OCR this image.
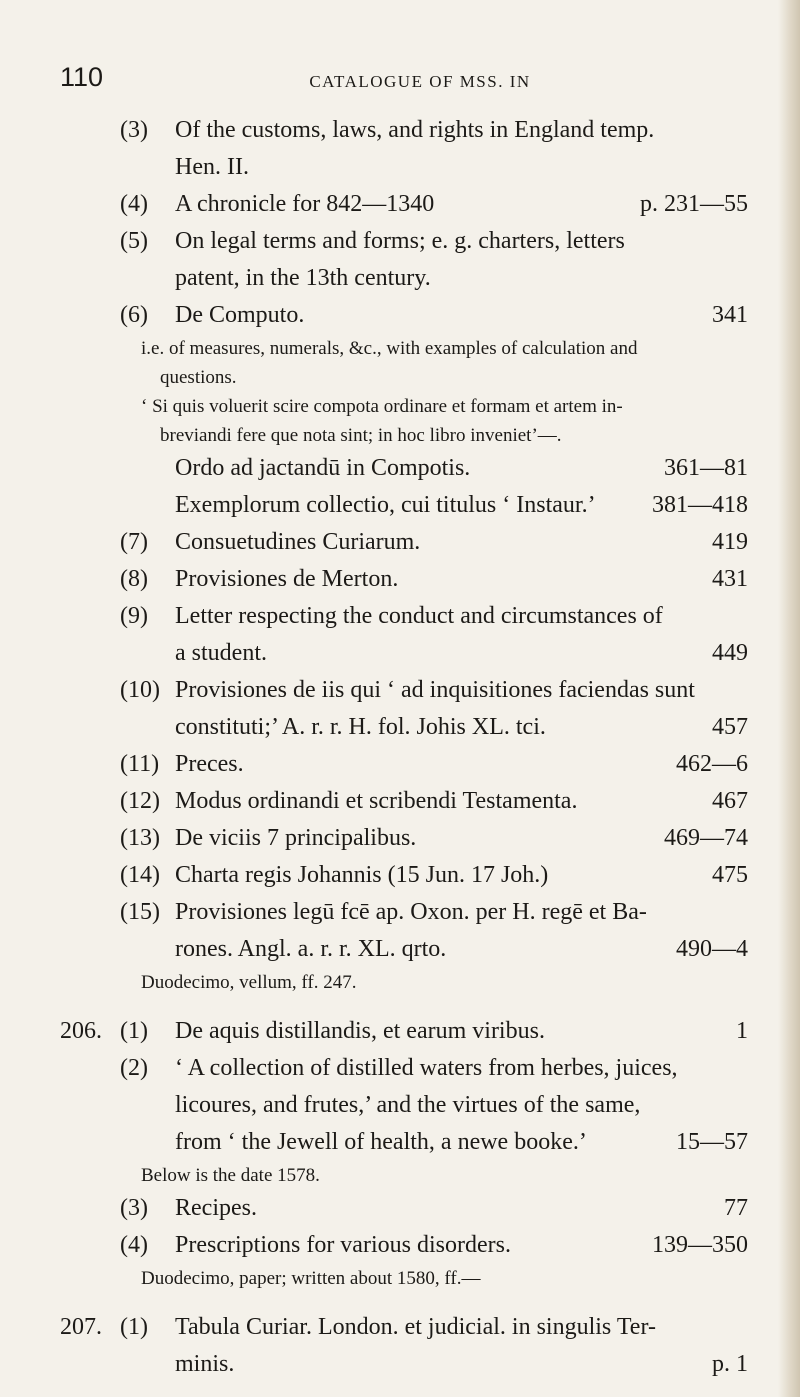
110	CATALOGUE OF MSS. IN
(3) Of the customs, laws, and rights in England temp.
Hen. II.
(4) A chronicle for 842—1340	p. 231—55
(5) On legal terms and forms; e. g. charters, letters
patent, in the 13th century.
(6) De Computo.	341
i.e. of measures, numerals, &c., with examples of calculation and
questions.
‘ Si quis voluerit scire compota ordinare et formam et artem in-
breviandi fere que nota sint; in hoc libro inveniet’—.
Ordo ad jactandū in Compotis.	361—81
Exemplorum collectio, cui titulus ‘ Instaur.’ 381—418
(7) Consuetudines Curiarum.	419
(8) Provisiones de Merton.	431
(9) Letter respecting the conduct and circumstances of
a student.	449
(10) Provisiones de iis qui ‘ ad inquisitiones faciendas sunt
constituti;’ A. r. r. H. fol. Johis XL. tci.	457
(11) Preces.	462—6
(12) Modus ordinandi et scribendi Testamenta.	467
(13) De viciis 7 principalibus.	469—74
(14) Charta regis Johannis (15 Jun. 17 Joh.)	475
(15) Provisiones legū fcē ap. Oxon. per H. regē et Ba-
rones. Angl. a. r. r. XL. qrto.	490—4
Duodecimo, vellum, ff. 247.
206. (1) De aquis distillandis, et earum viribus.	1
(2) ‘ A collection of distilled waters from herbes, juices,
licoures, and frutes,’ and the virtues of the same,
from ‘ the Jewell of health, a newe booke.’	15—57
Below is the date 1578.
(3) Recipes.	77
(4) Prescriptions for various disorders.	139—350
Duodecimo, paper; written about 1580, ff.—
207. (1) Tabula Curiar. London. et judicial. in singulis Ter-
minis.	p. 1
